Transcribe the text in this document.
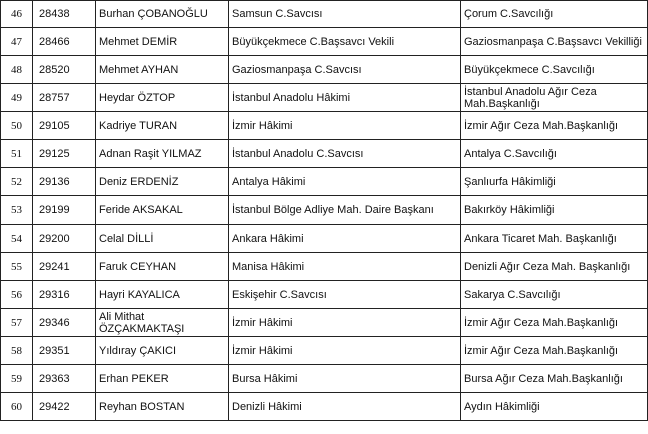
46	28438	Burhan ÇOBANOĞLU	Samsun C.Savcısı	Çorum C.Savcılığı
47	28466	Mehmet DEMİR	Büyükçekmece C.Başsavcı Vekili	Gaziosmanpaşa C.Başsavcı Vekilliği
48	28520	Mehmet AYHAN	Gaziosmanpaşa C.Savcısı	Büyükçekmece C.Savcılığı
49	28757	Heydar ÖZTOP	İstanbul Anadolu Hâkimi	İstanbul Anadolu Ağır Ceza Mah.Başkanlığı
50	29105	Kadriye TURAN	İzmir Hâkimi	İzmir Ağır Ceza Mah.Başkanlığı
51	29125	Adnan Raşit YILMAZ	İstanbul Anadolu C.Savcısı	Antalya C.Savcılığı
52	29136	Deniz ERDENİZ	Antalya Hâkimi	Şanlıurfa Hâkimliği
53	29199	Feride AKSAKAL	İstanbul Bölge Adliye Mah. Daire Başkanı	Bakırköy Hâkimliği
54	29200	Celal DİLLİ	Ankara Hâkimi	Ankara Ticaret Mah. Başkanlığı
55	29241	Faruk CEYHAN	Manisa Hâkimi	Denizli Ağır Ceza Mah. Başkanlığı
56	29316	Hayri KAYALICA	Eskişehir C.Savcısı	Sakarya C.Savcılığı
57	29346	Ali Mithat ÖZÇAKMAKTAŞI	İzmir Hâkimi	İzmir Ağır Ceza Mah.Başkanlığı
58	29351	Yıldıray ÇAKICI	İzmir Hâkimi	İzmir Ağır Ceza Mah.Başkanlığı
59	29363	Erhan PEKER	Bursa Hâkimi	Bursa Ağır Ceza Mah.Başkanlığı
60	29422	Reyhan BOSTAN	Denizli Hâkimi	Aydın Hâkimliği
